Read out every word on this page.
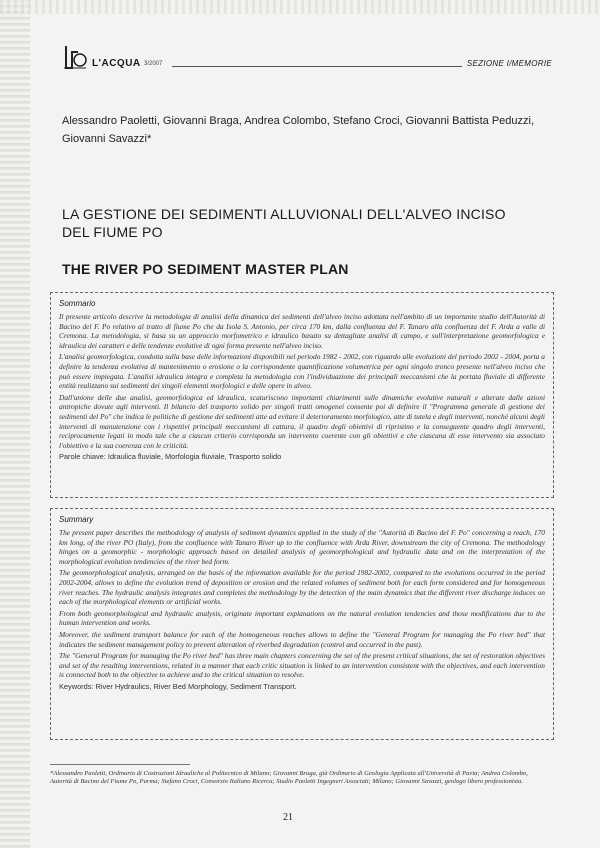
L'ACQUA 3/2007	SEZIONE I/MEMORIE
Alessandro Paoletti, Giovanni Braga, Andrea Colombo, Stefano Croci, Giovanni Battista Peduzzi, Giovanni Savazzi*
LA GESTIONE DEI SEDIMENTI ALLUVIONALI DELL'ALVEO INCISO DEL FIUME PO
THE RIVER PO SEDIMENT MASTER PLAN
Sommario

Il presente articolo descrive la metodologia di analisi della dinamica dei sedimenti dell'alveo inciso adottata nell'ambito di un importante studio dell'Autorità di Bacino del F. Po relativo al tratto di fiume Po che da Isola S. Antonio, per circa 170 km, dalla confluenza del F. Tanaro alla confluenza del F. Arda a valle di Cremona. La metodologia, si basa su un approccio morfometrico e idraulico basato su dettagliate analisi di campo, e sull'interpretazione geomorfologica e idraulica dei caratteri e delle tendenze evolutive di ogni forma presente nell'alveo inciso.

L'analisi geomorfologica, condotta sulla base delle informazioni disponibili nel periodo 1982 - 2002, con riguardo alle evoluzioni del periodo 2002 - 2004, porta a definire la tendenza evolutiva di mantenimento o erosione o la corrispondente quantificazione volumetrica per ogni singolo tronco presente nell'alveo inciso che può essere impiegata. L'analisi idraulica integra e completa la metodologia con l'individuazione dei principali meccanismi che la portata fluviale di differente entità realizzano sui sedimenti dei singoli elementi morfologici e delle opere in alveo.

Dall'unione delle due analisi, geomorfologica ed idraulica, scaturiscono importanti chiarimenti sulle dinamiche evolutive naturali e alterate dalle azioni antropiche dovute agli interventi. Il bilancio del trasporto solido per singoli tratti omogenei consente poi di definire il "Programma generale di gestione dei sedimenti del Po" che indica le politiche di gestione dei sedimenti atte ad evitare il deterioramento morfologico, atte di tutela e degli interventi, nonché alcuni degli interventi di manutenzione con i rispettivi principali meccanismi di cattura, il quadro degli obiettivi di ripristino e la conseguente quadro degli interventi, reciprocamente legati in modo tale che a ciascun criterio corrisponda un intervento coerente con gli obiettivi e che ciascuna di esse intervento sia associato l'obiettivo e la sua coerenza con le criticità.

Parole chiave: Idraulica fluviale, Morfologia fluviale, Trasporto solido

Summary

The present paper describes the methodology of analysis of sediment dynamics applied in the study of the "Autorità di Bacino del F. Po" concerning a reach, 170 km long, of the river PO (Italy), from the confluence with Tanaro River up to the confluence with Arda River, downstream the city of Cremona. The methodology hinges on a geomorphic - morphologic approach based on detailed analysis of geomorphological and hydraulic data and on the interpretation of the morphological evolution tendencies of the river bed form.

The geomorphological analysis, arranged on the basis of the information available for the period 1982-2002, compared to the evolutions occurred in the period 2002-2004, allows to define the evolution trend of deposition or erosion and the related volumes of sediment both for each form considered and for homogeneous river reaches. The hydraulic analysis integrates and completes the methodology by the detection of the main dynamics that the different river discharge induces on each of the morphological elements or artificial works.

From both geomorphological and hydraulic analysis, originate important explanations on the natural evolution tendencies and those modifications due to the human intervention and works.

Moreover, the sediment transport balance for each of the homogeneous reaches allows to define the "General Program for managing the Po river bed" that indicates the sediment management policy to prevent alteration of riverbed degradation (control and occurred in the past).

The "General Program for managing the Po river bed" has three main chapters concerning the set of the present critical situations, the set of restoration objectives and set of the resulting interventions, related in a manner that each critic situation is linked to an intervention consistent with the objectives, and each intervention is connected both to the objective to achieve and to the critical situation to resolve.

Keywords: River Hydraulics, River Bed Morphology, Sediment Transport.

*Alessandro Paoletti, Ordinario di Costruzioni Idrauliche al Politecnico di Milano; Giovanni Braga, già Ordinario di Geologia Applicata all'Università di Pavia; Andrea Colombo, Autorità di Bacino del Fiume Po, Parma; Stefano Croci, Consorzio Italiano Ricerca; Studio Paoletti Ingegneri Associati; Milano; Giovanni Savazzi, geologo libero professionista.
21
